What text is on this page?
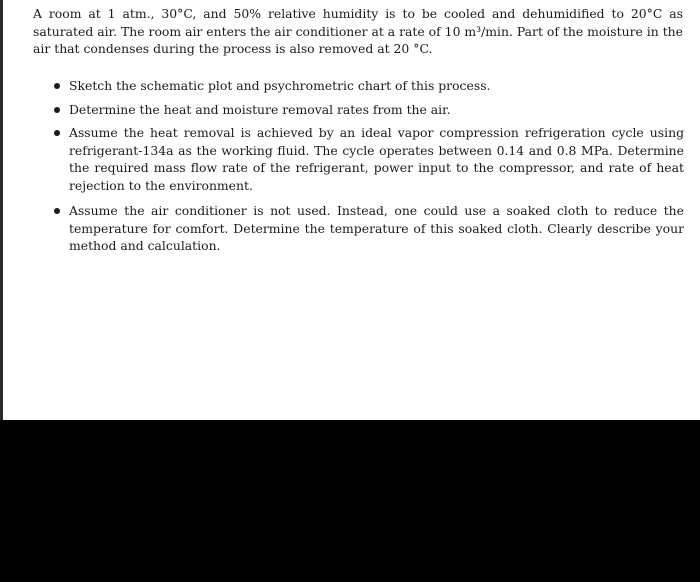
A room at 1 atm., 30°C, and 50% relative humidity is to be cooled and dehumidified to 20°C as saturated air. The room air enters the air conditioner at a rate of 10 m³/min. Part of the moisture in the air that condenses during the process is also removed at 20 °C.

Sketch the schematic plot and psychrometric chart of this process.
Determine the heat and moisture removal rates from the air.
Assume the heat removal is achieved by an ideal vapor compression refrigeration cycle using refrigerant-134a as the working fluid. The cycle operates between 0.14 and 0.8 MPa. Determine the required mass flow rate of the refrigerant, power input to the compressor, and rate of heat rejection to the environment.
Assume the air conditioner is not used. Instead, one could use a soaked cloth to reduce the temperature for comfort. Determine the temperature of this soaked cloth. Clearly describe your method and calculation.
